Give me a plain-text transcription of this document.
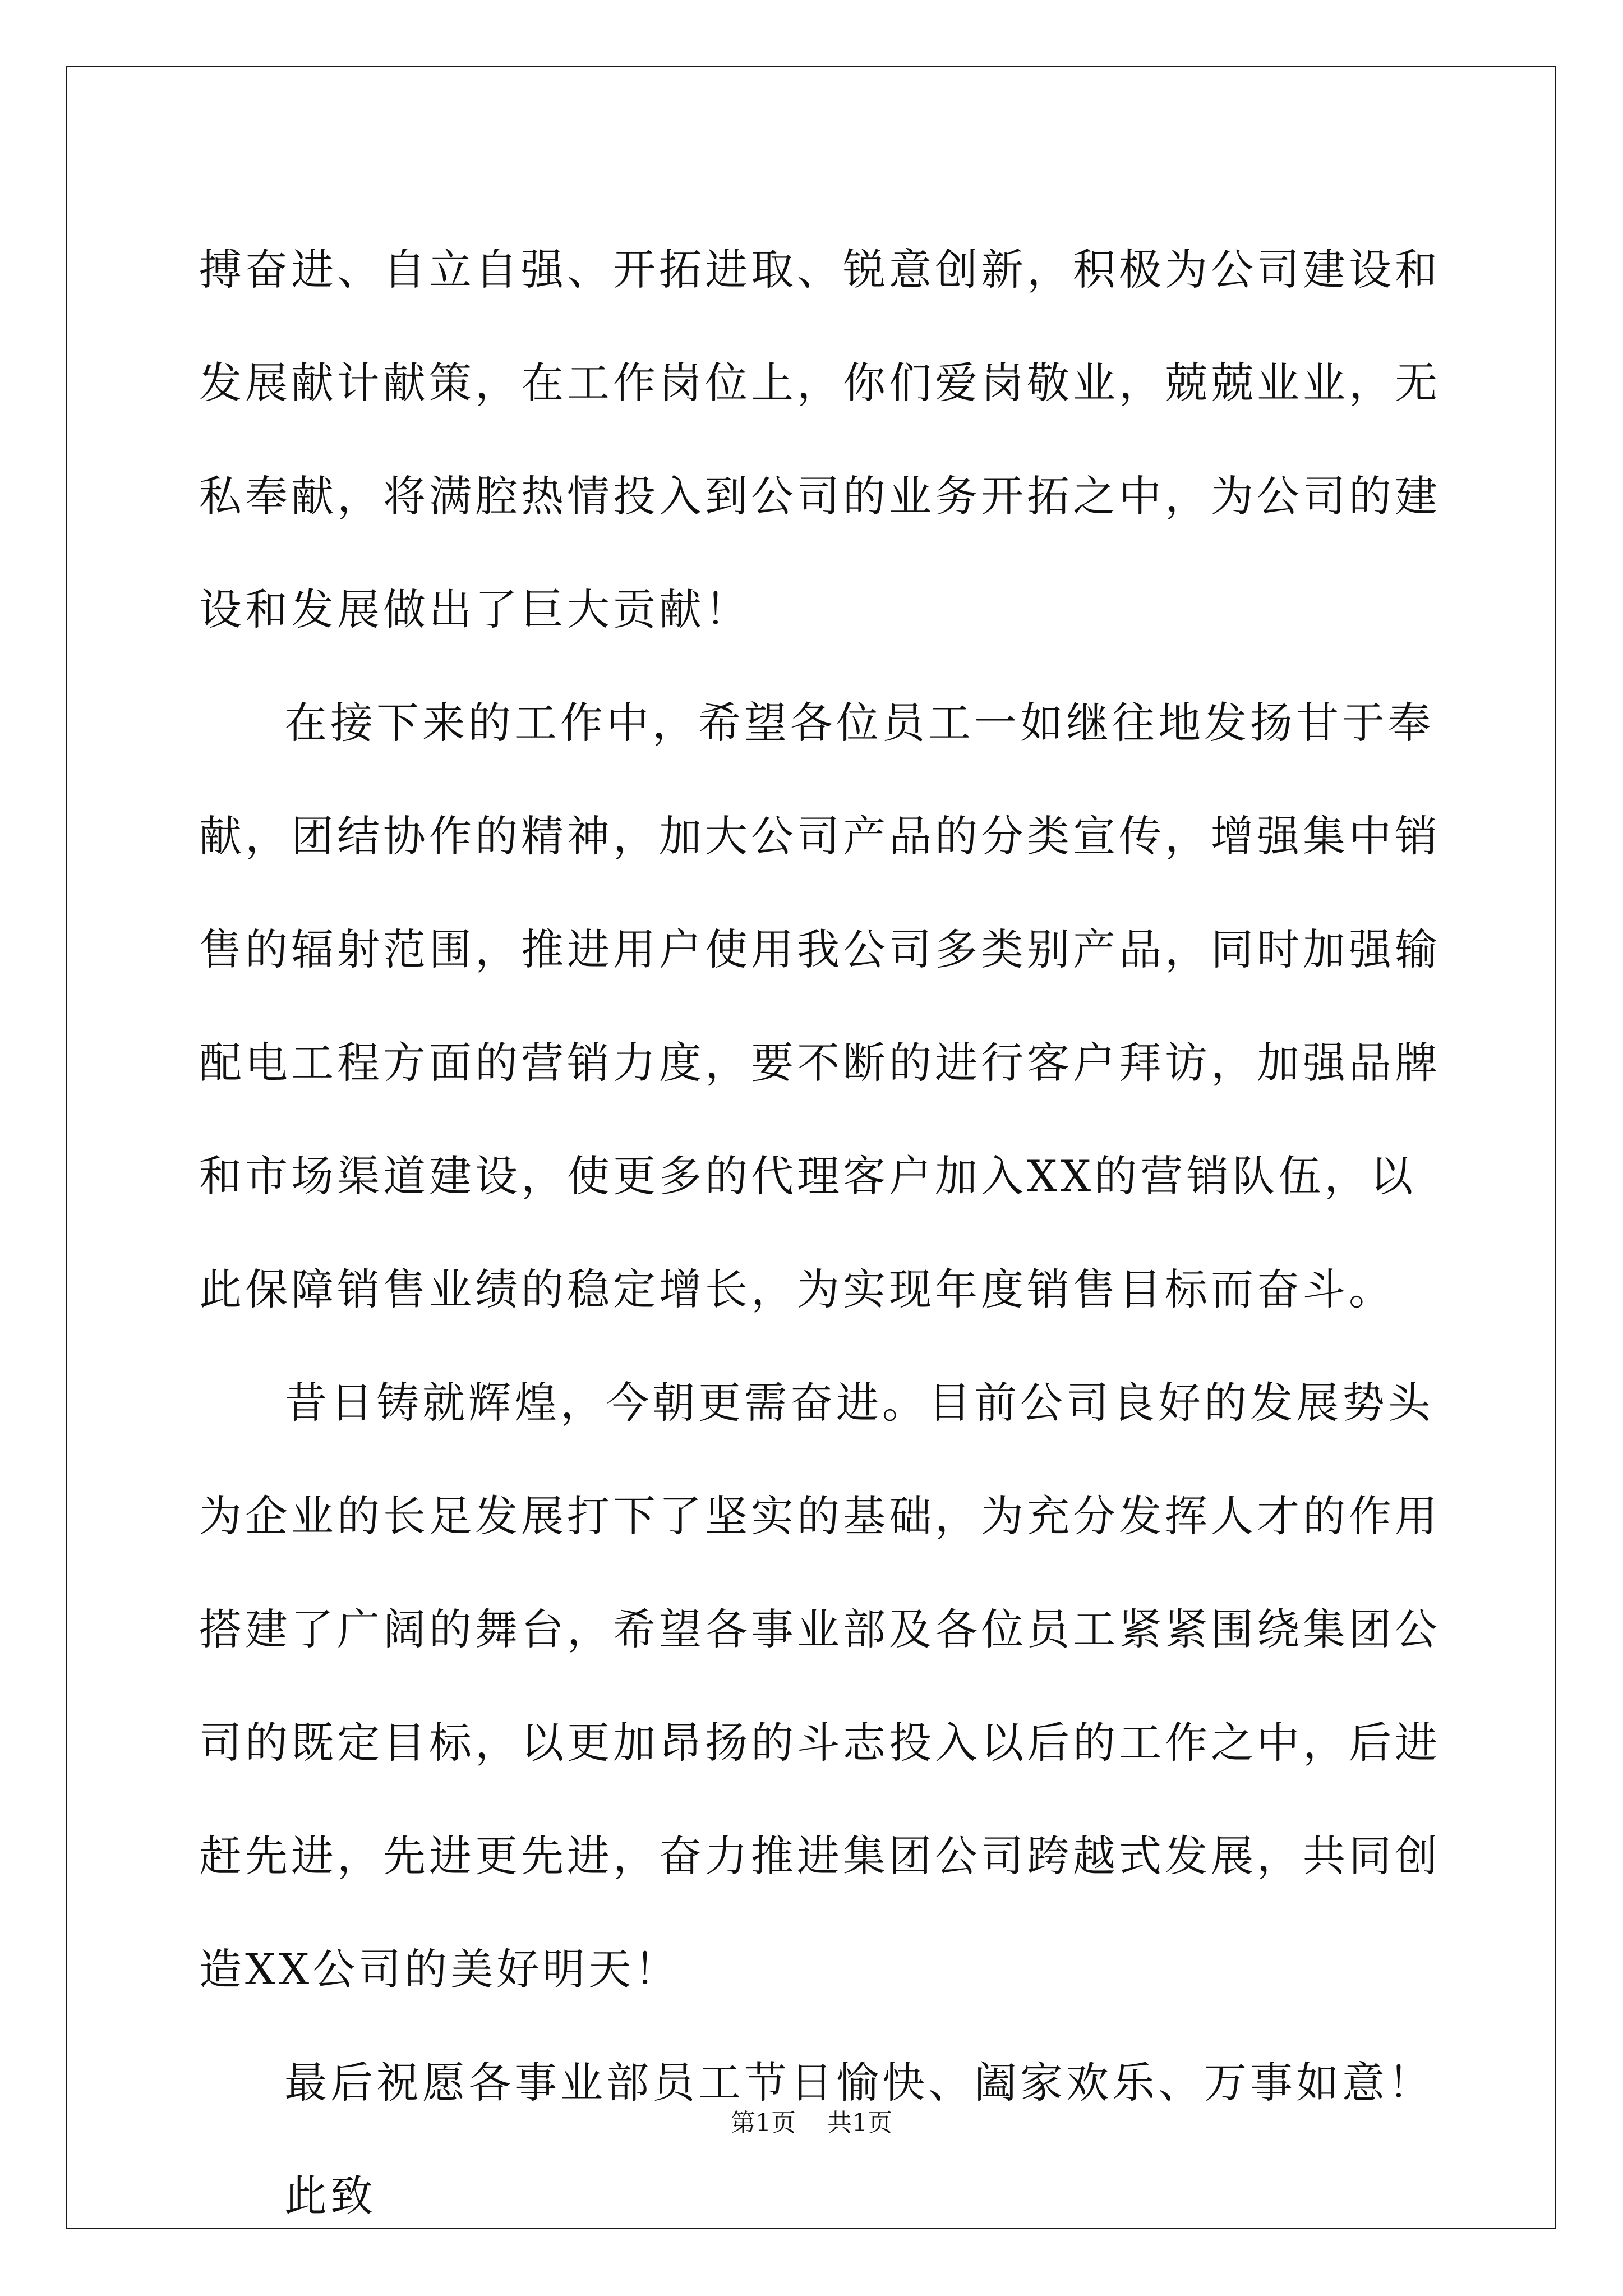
搏奋进、自立自强、开拓进取、锐意创新，积极为公司建设和发展献计献策，在工作岗位上，你们爱岗敬业，兢兢业业，无私奉献，将满腔热情投入到公司的业务开拓之中，为公司的建设和发展做出了巨大贡献！

在接下来的工作中，希望各位员工一如继往地发扬甘于奉献，团结协作的精神，加大公司产品的分类宣传，增强集中销售的辐射范围，推进用户使用我公司多类别产品，同时加强输配电工程方面的营销力度，要不断的进行客户拜访，加强品牌和市场渠道建设，使更多的代理客户加入XX的营销队伍，以此保障销售业绩的稳定增长，为实现年度销售目标而奋斗。

昔日铸就辉煌，今朝更需奋进。目前公司良好的发展势头为企业的长足发展打下了坚实的基础，为充分发挥人才的作用搭建了广阔的舞台，希望各事业部及各位员工紧紧围绕集团公司的既定目标，以更加昂扬的斗志投入以后的工作之中，后进赶先进，先进更先进，奋力推进集团公司跨越式发展，共同创造XX公司的美好明天！

最后祝愿各事业部员工节日愉快、阖家欢乐、万事如意！

此致

第1页 共1页
